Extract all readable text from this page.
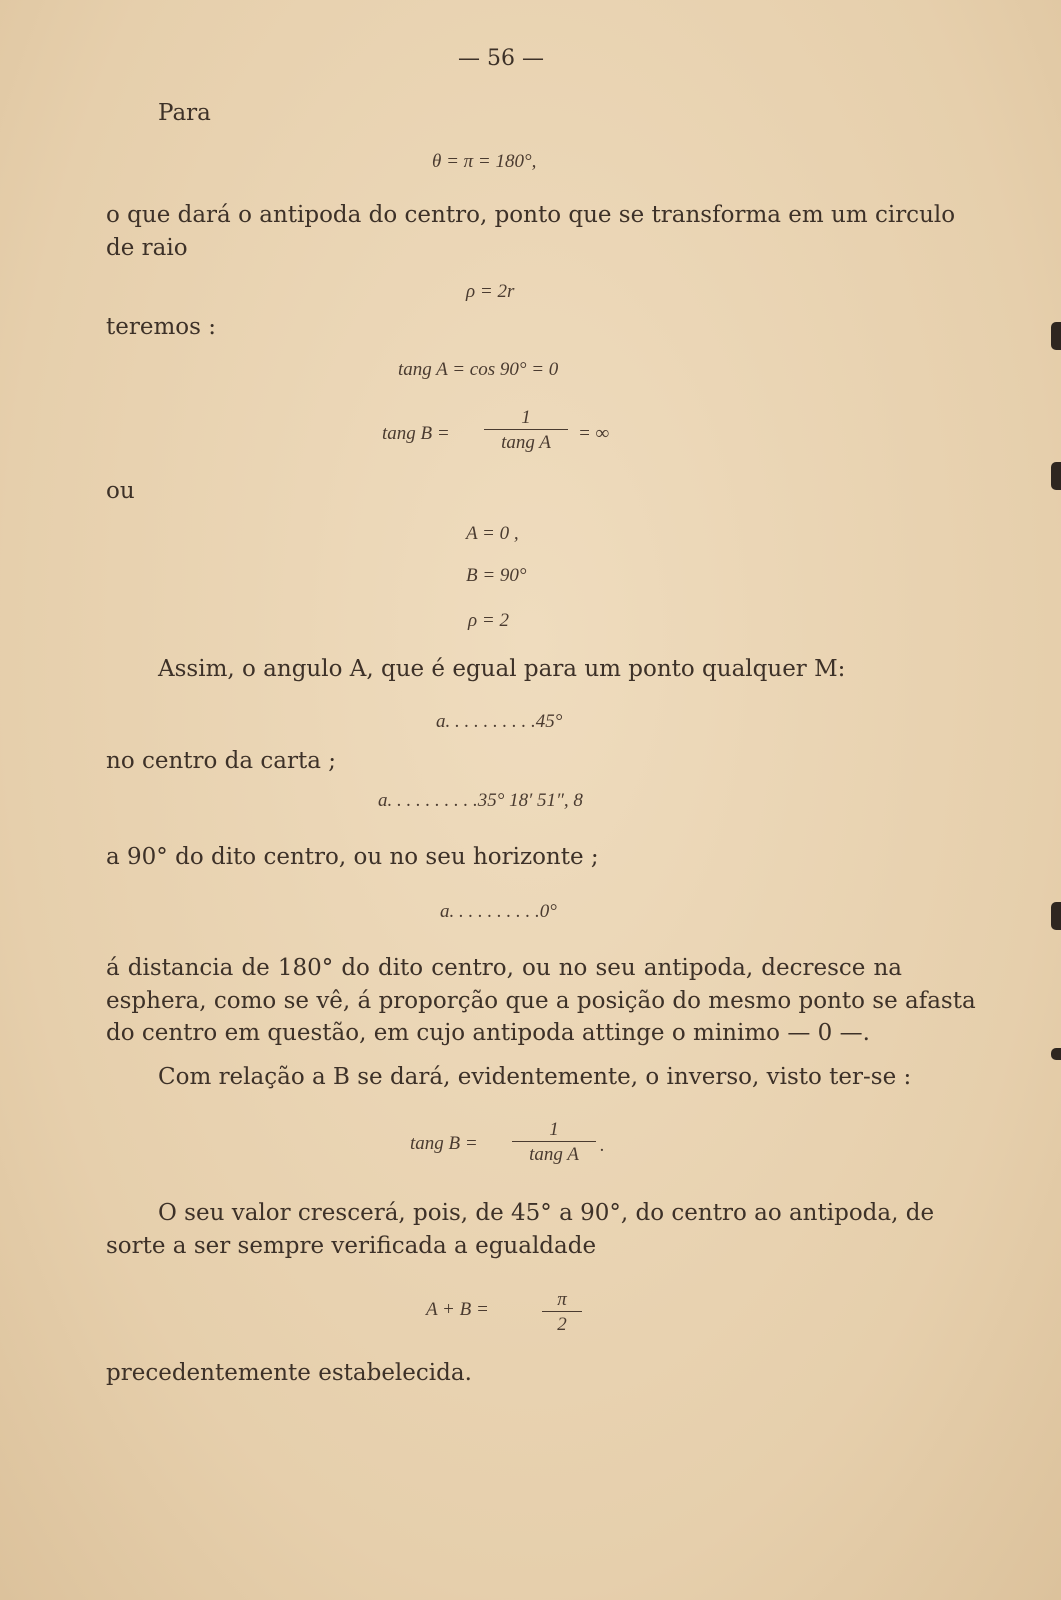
— 56 —
Para
θ = π = 180°,
o que dará o antipoda do centro, ponto que se transforma em um circulo
de raio
ρ = 2r
teremos :
tang A = cos 90° = 0
tang $B = \frac{1}{\text{tang A}}$ = ∞
ou
A = 0 ,
B = 90°
ρ = 2
Assim, o angulo A, que é egual para um ponto qualquer M:
a. . . . . . . . . .45°
no centro da carta ;
a. . . . . . . . . .35° 18′ 51″, 8
a 90° do dito centro, ou no seu horizonte ;
a. . . . . . . . . .0°
á distancia de 180° do dito centro, ou no seu antipoda, decresce na
esphera, como se vê, á proporção que a posição do mesmo ponto se afasta
do centro em questão, em cujo antipoda attinge o minimo — 0 —.
Com relação a B se dará, evidentemente, o inverso, visto ter-se :
tang $B = \frac{1}{\text{tang A}}$ .
O seu valor crescerá, pois, de 45° a 90°, do centro ao antipoda, de
sorte a ser sempre verificada a egualdade
A + B =	$\frac{\pi}{2}$
precedentemente estabelecida.
